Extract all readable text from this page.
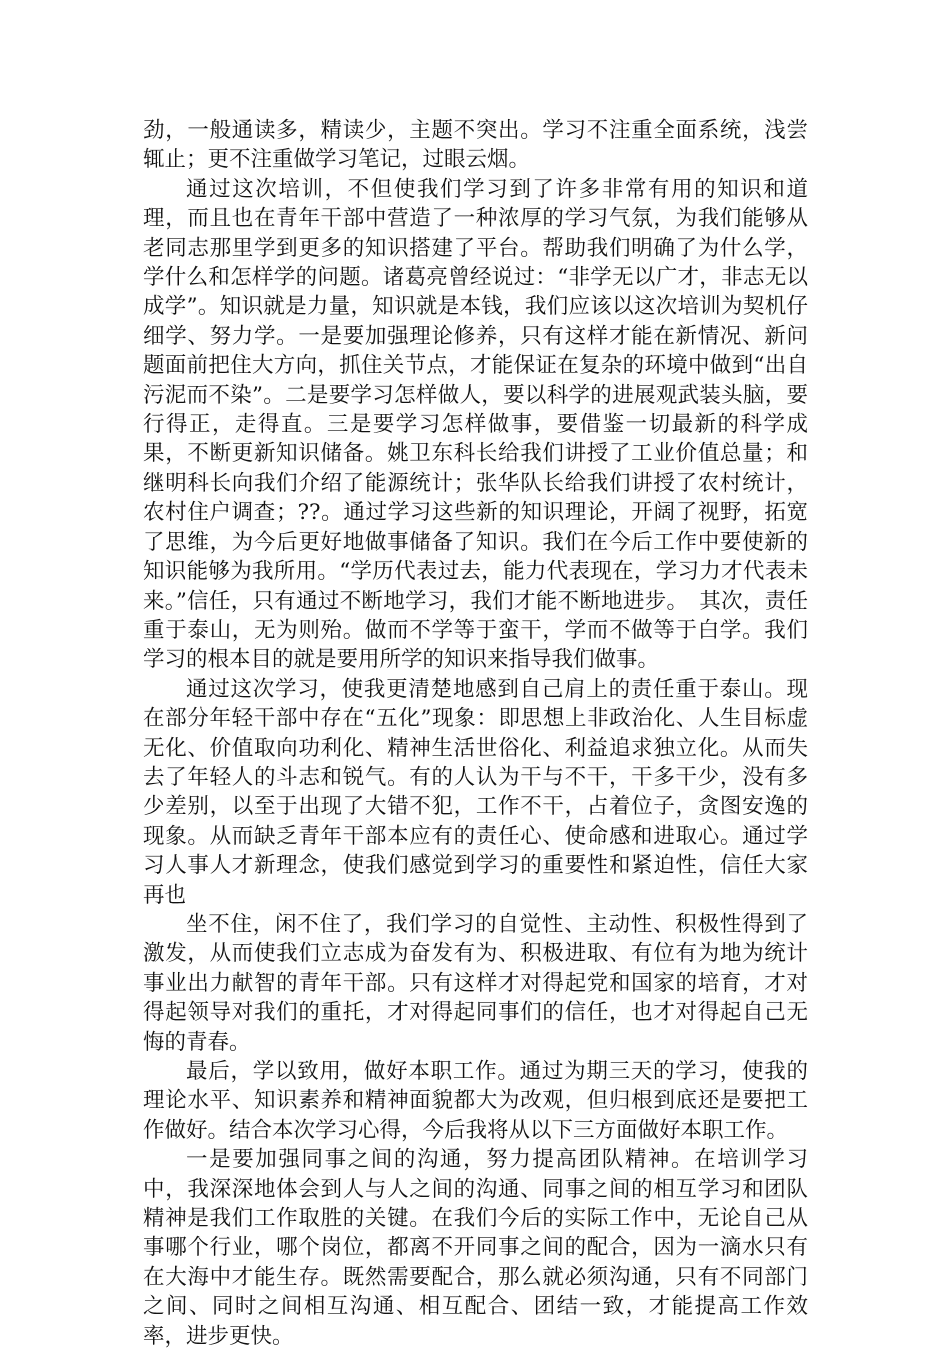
劲，一般通读多，精读少，主题不突出。学习不注重全面系统，浅尝辄止；更不注重做学习笔记，过眼云烟。

通过这次培训，不但使我们学习到了许多非常有用的知识和道理，而且也在青年干部中营造了一种浓厚的学习气氛，为我们能够从老同志那里学到更多的知识搭建了平台。帮助我们明确了为什么学，学什么和怎样学的问题。诸葛亮曾经说过：“非学无以广才，非志无以成学”。知识就是力量，知识就是本钱，我们应该以这次培训为契机仔细学、努力学。一是要加强理论修养，只有这样才能在新情况、新问题面前把住大方向，抓住关节点，才能保证在复杂的环境中做到“出自污泥而不染”。二是要学习怎样做人，要以科学的进展观武装头脑，要行得正，走得直。三是要学习怎样做事，要借鉴一切最新的科学成果，不断更新知识储备。姚卫东科长给我们讲授了工业价值总量；和继明科长向我们介绍了能源统计；张华队长给我们讲授了农村统计，农村住户调查；??。通过学习这些新的知识理论，开阔了视野，拓宽了思维，为今后更好地做事储备了知识。我们在今后工作中要使新的知识能够为我所用。“学历代表过去，能力代表现在，学习力才代表未来。”信任，只有通过不断地学习，我们才能不断地进步。　其次，责任重于泰山，无为则殆。做而不学等于蛮干，学而不做等于白学。我们学习的根本目的就是要用所学的知识来指导我们做事。

通过这次学习，使我更清楚地感到自己肩上的责任重于泰山。现在部分年轻干部中存在“五化”现象：即思想上非政治化、人生目标虚无化、价值取向功利化、精神生活世俗化、利益追求独立化。从而失去了年轻人的斗志和锐气。有的人认为干与不干，干多干少，没有多少差别，以至于出现了大错不犯，工作不干，占着位子，贪图安逸的现象。从而缺乏青年干部本应有的责任心、使命感和进取心。通过学习人事人才新理念，使我们感觉到学习的重要性和紧迫性，信任大家再也

坐不住，闲不住了，我们学习的自觉性、主动性、积极性得到了激发，从而使我们立志成为奋发有为、积极进取、有位有为地为统计事业出力献智的青年干部。只有这样才对得起党和国家的培育，才对得起领导对我们的重托，才对得起同事们的信任，也才对得起自己无悔的青春。

最后，学以致用，做好本职工作。通过为期三天的学习，使我的理论水平、知识素养和精神面貌都大为改观，但归根到底还是要把工作做好。结合本次学习心得，今后我将从以下三方面做好本职工作。

一是要加强同事之间的沟通，努力提高团队精神。在培训学习中，我深深地体会到人与人之间的沟通、同事之间的相互学习和团队精神是我们工作取胜的关键。在我们今后的实际工作中，无论自己从事哪个行业，哪个岗位，都离不开同事之间的配合，因为一滴水只有在大海中才能生存。既然需要配合，那么就必须沟通，只有不同部门之间、同时之间相互沟通、相互配合、团结一致，才能提高工作效率，进步更快。
